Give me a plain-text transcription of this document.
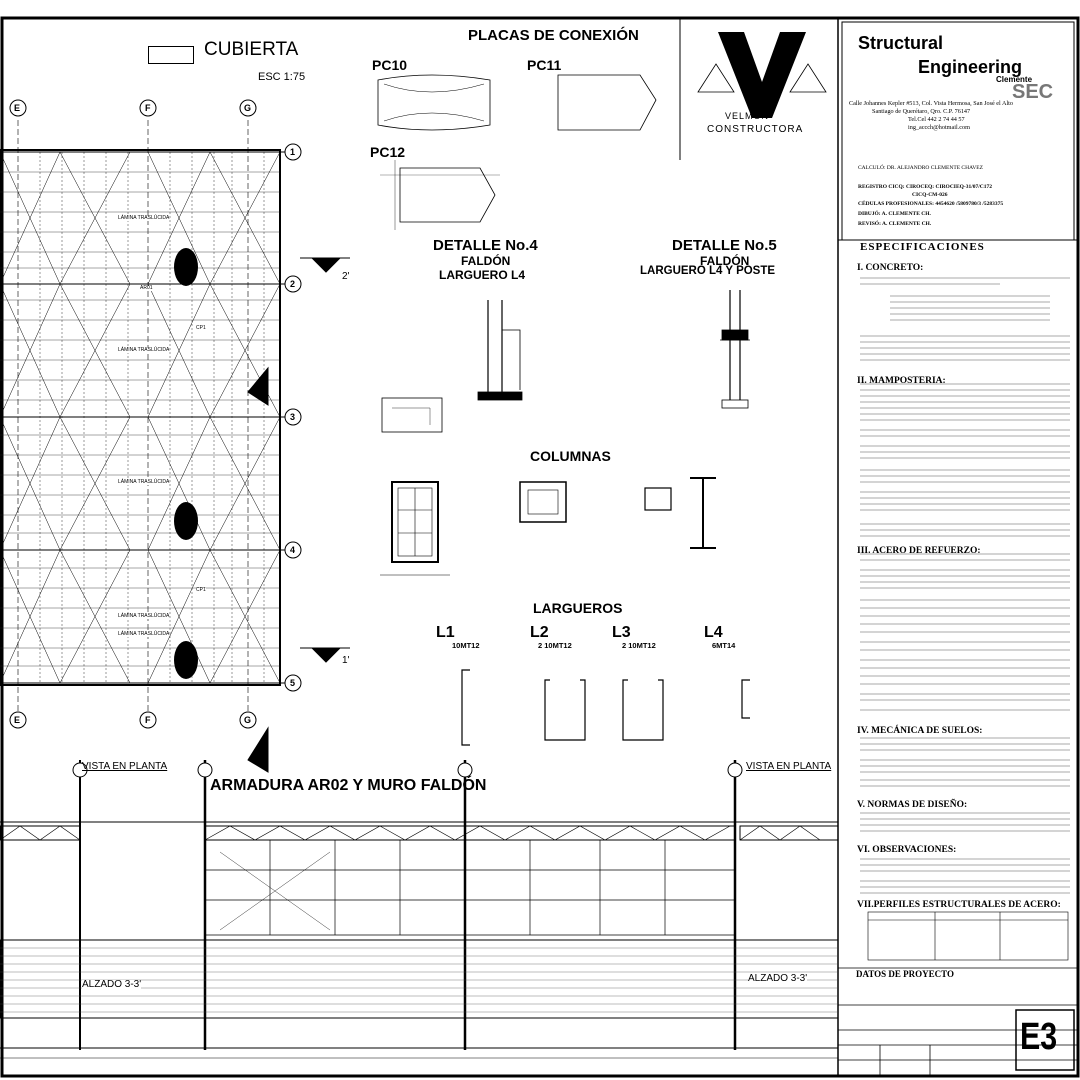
CUBIERTA
ESC 1:75
E	F	G
E	F	G
1
2
3
4
5
LÁMINA TRASLÚCIDA
LÁMINA TRASLÚCIDA
LÁMINA TRASLÚCIDA
LÁMINA TRASLÚCIDA
LÁMINA TRASLÚCIDA
CP1
CP1
AR01
2'
1'
PLACAS DE CONEXIÓN
PC10	PC11
PC12
VELMON
CONSTRUCTORA
Structural
Engineering
Clemente
SEC
Calle Johannes Kepler #513, Col. Vista Hermosa, San José el Alto
Santiago de Querétaro, Qro. C.P. 76147
Tel.Cel 442 2 74 44 57
ing_accch@hotmail.com
CALCULÓ: DR. ALEJANDRO CLEMENTE CHAVEZ
REGISTRO CICQ: CIROCEQ: CIROCIEQ-31/07/C172
CICQ-CM-026
CÉDULAS PROFESIONALES: 4454620 /5809780/3 /5283375
DIBUJÓ: A. CLEMENTE CH.
REVISÓ: A. CLEMENTE CH.
DETALLE No.4
FALDÓN
LARGUERO L4
DETALLE No.5
FALDÓN
LARGUERO L4 Y POSTE
COLUMNAS
LARGUEROS
L1	L2	L3	L4
10MT12	2 10MT12	2 10MT12	6MT14
ARMADURA AR02 Y MURO FALDÓN
VISTA EN PLANTA	VISTA EN PLANTA
ALZADO 3-3'
ALZADO 3-3'
ESPECIFICACIONES
I. CONCRETO:
II. MAMPOSTERIA:
III. ACERO DE REFUERZO:
IV. MECÁNICA DE SUELOS:
V. NORMAS DE DISEÑO:
VI. OBSERVACIONES:
VII.PERFILES ESTRUCTURALES DE ACERO:
DATOS DE PROYECTO
E3
